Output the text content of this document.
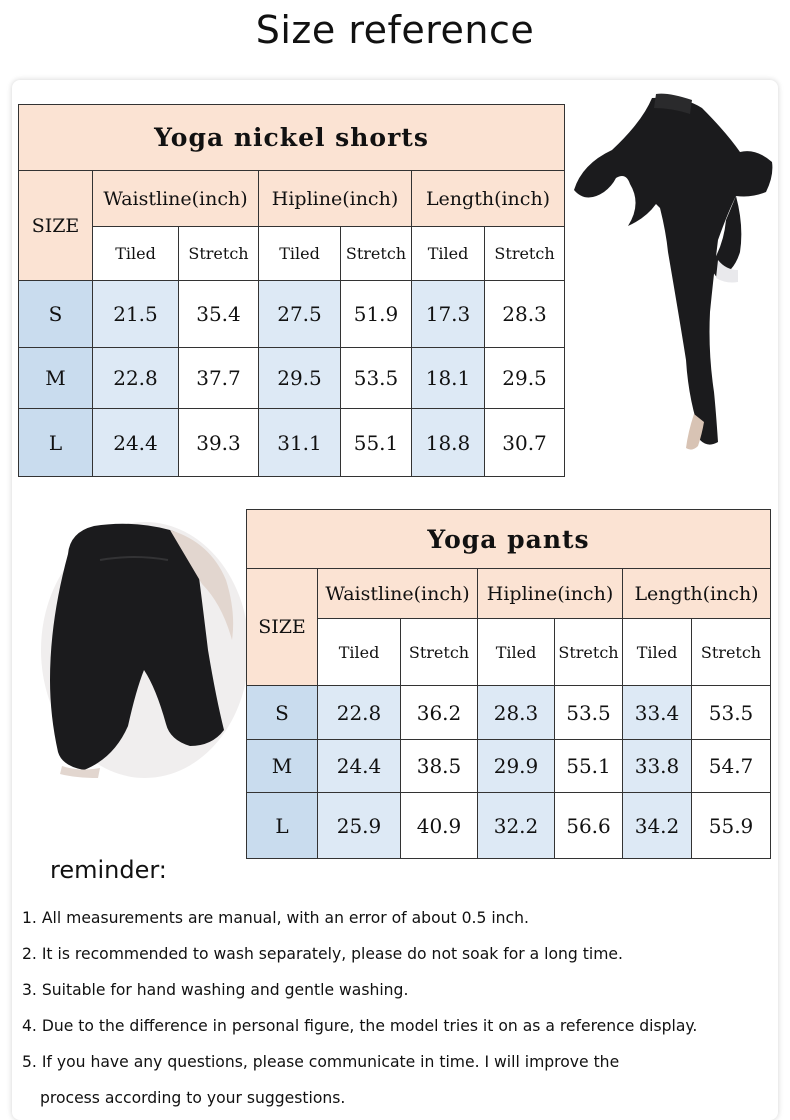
Size reference
Yoga nickel shorts						
SIZE	Waistline(inch)		Hipline(inch)		Length(inch)	
	Tiled	Stretch	Tiled	Stretch	Tiled	Stretch
S	21.5	35.4	27.5	51.9	17.3	28.3
M	22.8	37.7	29.5	53.5	18.1	29.5
L	24.4	39.3	31.1	55.1	18.8	30.7
Yoga pants						
SIZE	Waistline(inch)		Hipline(inch)		Length(inch)	
	Tiled	Stretch	Tiled	Stretch	Tiled	Stretch
S	22.8	36.2	28.3	53.5	33.4	53.5
M	24.4	38.5	29.9	55.1	33.8	54.7
L	25.9	40.9	32.2	56.6	34.2	55.9
reminder:
1. All measurements are manual, with an error of about 0.5 inch.
2. It is recommended to wash separately, please do not soak for a long time.
3. Suitable for hand washing and gentle washing.
4. Due to the difference in personal figure, the model tries it on as a reference display.
5. If you have any questions, please communicate in time. I will improve the
process according to your suggestions.
